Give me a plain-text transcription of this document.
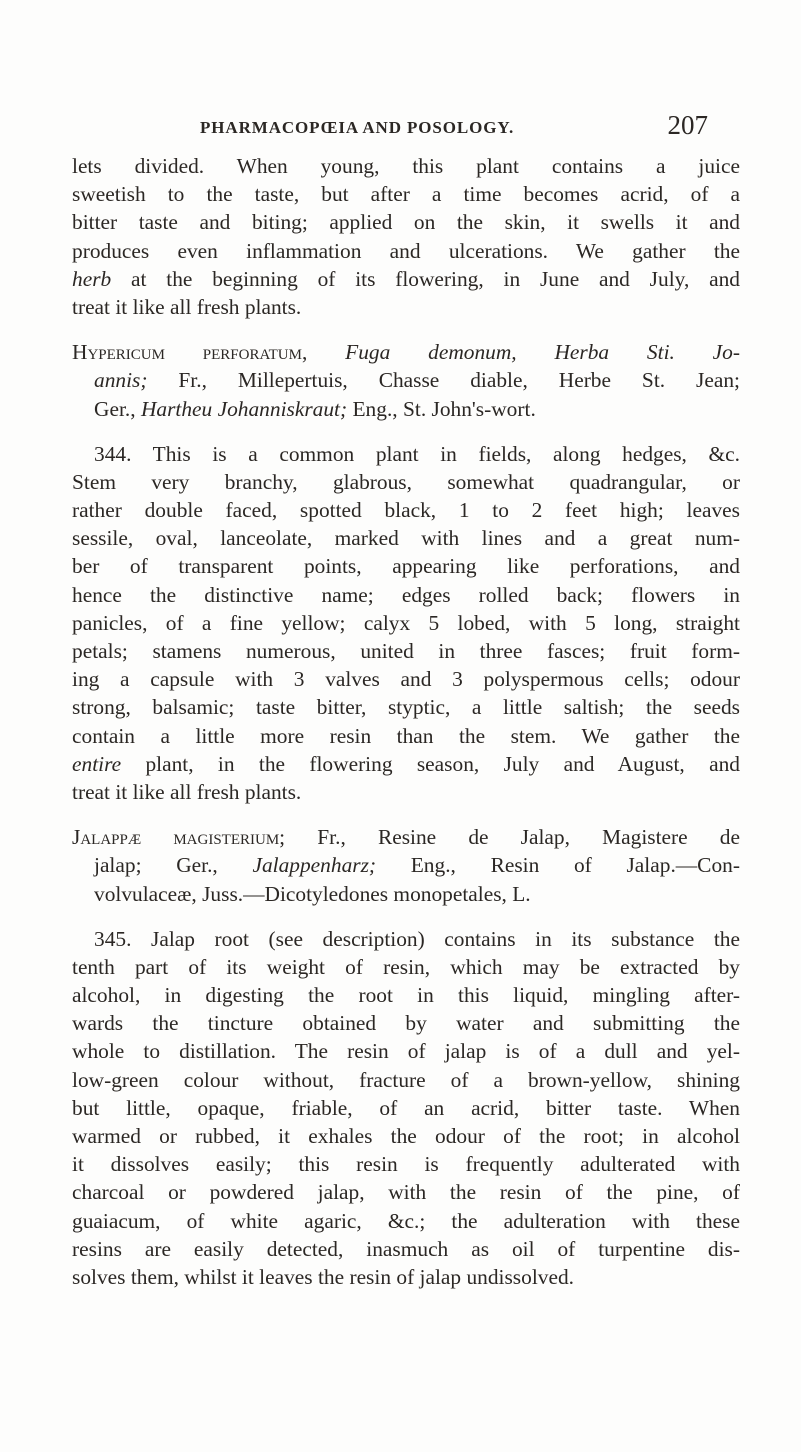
PHARMACOPŒIA AND POSOLOGY.	207
lets divided. When young, this plant contains a juice
sweetish to the taste, but after a time becomes acrid, of a
bitter taste and biting; applied on the skin, it swells it and
produces even inflammation and ulcerations. We gather the
herb at the beginning of its flowering, in June and July, and
treat it like all fresh plants.
Hypericum perforatum, Fuga demonum, Herba Sti. Jo-
annis; Fr., Millepertuis, Chasse diable, Herbe St. Jean;
Ger., Hartheu Johanniskraut; Eng., St. John's-wort.
344. This is a common plant in fields, along hedges, &c.
Stem very branchy, glabrous, somewhat quadrangular, or
rather double faced, spotted black, 1 to 2 feet high; leaves
sessile, oval, lanceolate, marked with lines and a great num-
ber of transparent points, appearing like perforations, and
hence the distinctive name; edges rolled back; flowers in
panicles, of a fine yellow; calyx 5 lobed, with 5 long, straight
petals; stamens numerous, united in three fasces; fruit form-
ing a capsule with 3 valves and 3 polyspermous cells; odour
strong, balsamic; taste bitter, styptic, a little saltish; the seeds
contain a little more resin than the stem. We gather the
entire plant, in the flowering season, July and August, and
treat it like all fresh plants.
Jalappæ magisterium; Fr., Resine de Jalap, Magistere de
jalap; Ger., Jalappenharz; Eng., Resin of Jalap.—Con-
volvulaceæ, Juss.—Dicotyledones monopetales, L.
345. Jalap root (see description) contains in its substance the
tenth part of its weight of resin, which may be extracted by
alcohol, in digesting the root in this liquid, mingling after-
wards the tincture obtained by water and submitting the
whole to distillation. The resin of jalap is of a dull and yel-
low-green colour without, fracture of a brown-yellow, shining
but little, opaque, friable, of an acrid, bitter taste. When
warmed or rubbed, it exhales the odour of the root; in alcohol
it dissolves easily; this resin is frequently adulterated with
charcoal or powdered jalap, with the resin of the pine, of
guaiacum, of white agaric, &c.; the adulteration with these
resins are easily detected, inasmuch as oil of turpentine dis-
solves them, whilst it leaves the resin of jalap undissolved.
